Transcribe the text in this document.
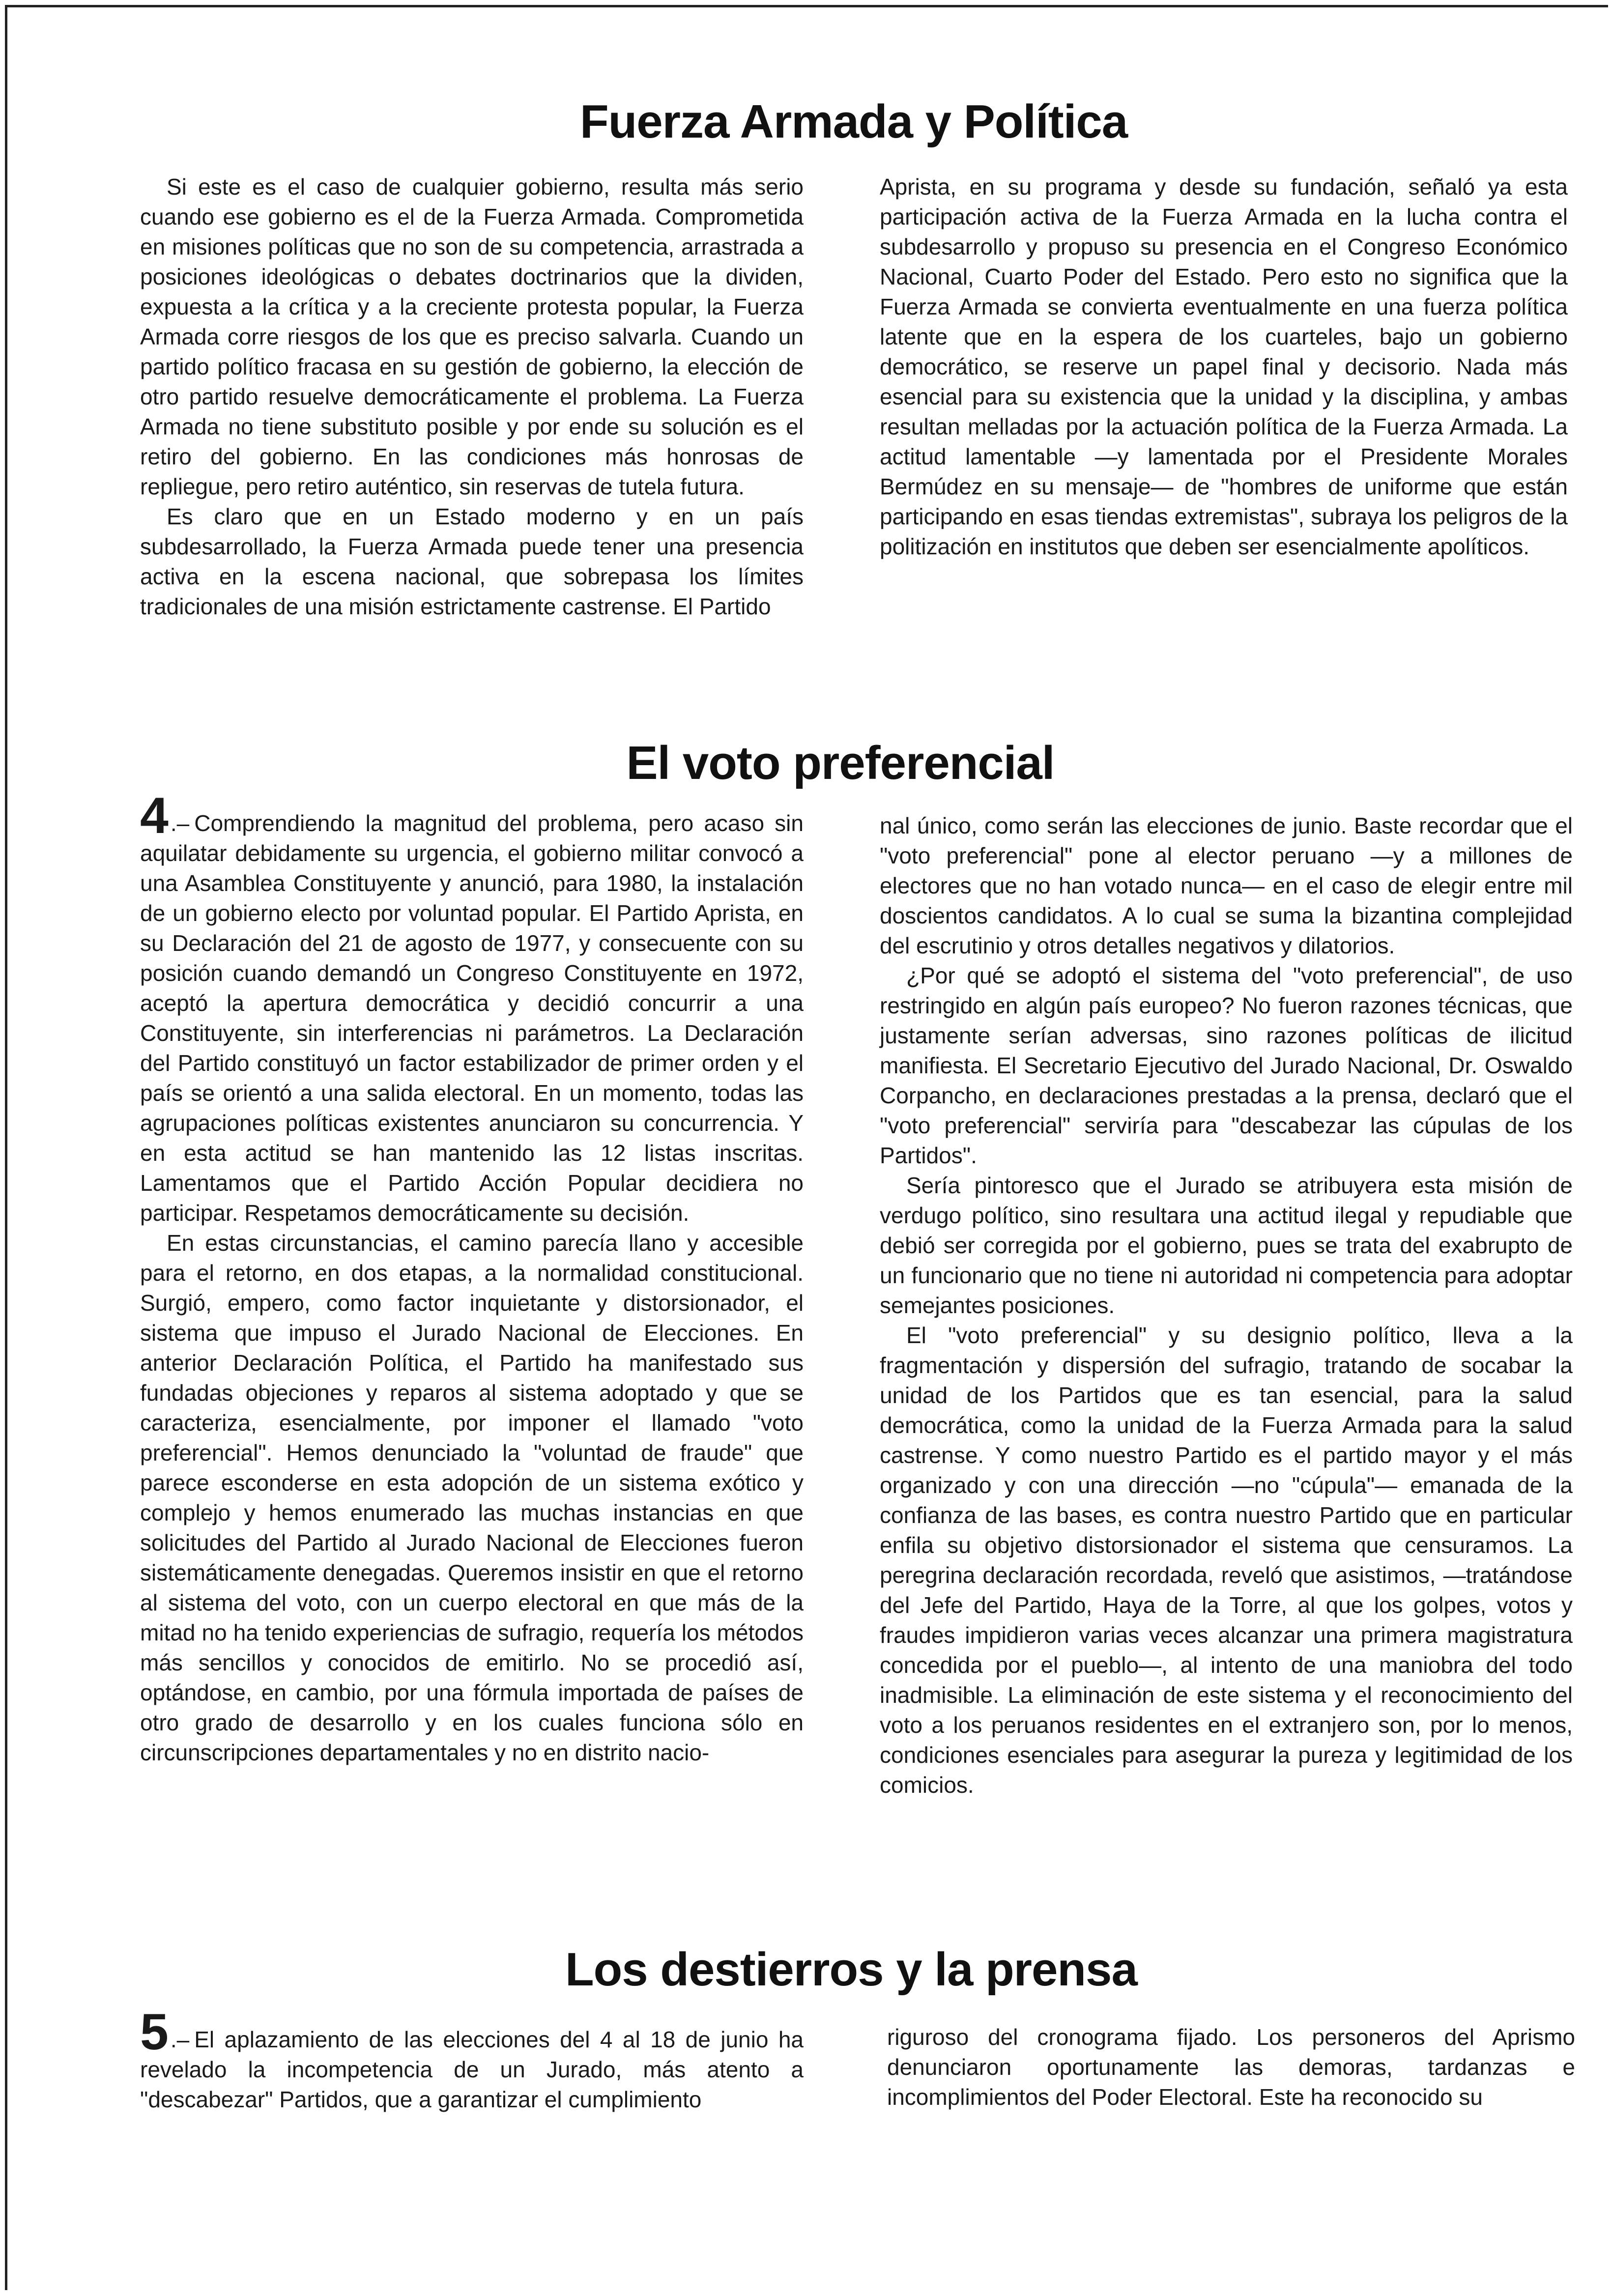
Fuerza Armada y Política

Si este es el caso de cualquier gobierno, resulta más serio cuando ese gobierno es el de la Fuerza Armada. Comprometida en misiones políticas que no son de su competencia, arrastrada a posiciones ideológicas o debates doctrinarios que la dividen, expuesta a la crítica y a la creciente protesta popular, la Fuerza Armada corre riesgos de los que es preciso salvarla. Cuando un partido político fracasa en su gestión de gobierno, la elección de otro partido resuelve democráticamente el problema. La Fuerza Armada no tiene substituto posible y por ende su solución es el retiro del gobierno. En las condiciones más honrosas de repliegue, pero retiro auténtico, sin reservas de tutela futura.

Es claro que en un Estado moderno y en un país subdesarrollado, la Fuerza Armada puede tener una presencia activa en la escena nacional, que sobrepasa los límites tradicionales de una misión estrictamente castrense. El Partido

Aprista, en su programa y desde su fundación, señaló ya esta participación activa de la Fuerza Armada en la lucha contra el subdesarrollo y propuso su presencia en el Congreso Económico Nacional, Cuarto Poder del Estado. Pero esto no significa que la Fuerza Armada se convierta eventualmente en una fuerza política latente que en la espera de los cuarteles, bajo un gobierno democrático, se reserve un papel final y decisorio. Nada más esencial para su existencia que la unidad y la disciplina, y ambas resultan melladas por la actuación política de la Fuerza Armada. La actitud lamentable —y lamentada por el Presidente Morales Bermúdez en su mensaje— de "hombres de uniforme que están participando en esas tiendas extremistas", subraya los peligros de la politización en institutos que deben ser esencialmente apolíticos.

El voto preferencial

4.– Comprendiendo la magnitud del problema, pero acaso sin aquilatar debidamente su urgencia, el gobierno militar convocó a una Asamblea Constituyente y anunció, para 1980, la instalación de un gobierno electo por voluntad popular. El Partido Aprista, en su Declaración del 21 de agosto de 1977, y consecuente con su posición cuando demandó un Congreso Constituyente en 1972, aceptó la apertura democrática y decidió concurrir a una Constituyente, sin interferencias ni parámetros. La Declaración del Partido constituyó un factor estabilizador de primer orden y el país se orientó a una salida electoral. En un momento, todas las agrupaciones políticas existentes anunciaron su concurrencia. Y en esta actitud se han mantenido las 12 listas inscritas. Lamentamos que el Partido Acción Popular decidiera no participar. Respetamos democráticamente su decisión.

En estas circunstancias, el camino parecía llano y accesible para el retorno, en dos etapas, a la normalidad constitucional. Surgió, empero, como factor inquietante y distorsionador, el sistema que impuso el Jurado Nacional de Elecciones. En anterior Declaración Política, el Partido ha manifestado sus fundadas objeciones y reparos al sistema adoptado y que se caracteriza, esencialmente, por imponer el llamado "voto preferencial". Hemos denunciado la "voluntad de fraude" que parece esconderse en esta adopción de un sistema exótico y complejo y hemos enumerado las muchas instancias en que solicitudes del Partido al Jurado Nacional de Elecciones fueron sistemáticamente denegadas. Queremos insistir en que el retorno al sistema del voto, con un cuerpo electoral en que más de la mitad no ha tenido experiencias de sufragio, requería los métodos más sencillos y conocidos de emitirlo. No se procedió así, optándose, en cambio, por una fórmula importada de países de otro grado de desarrollo y en los cuales funciona sólo en circunscripciones departamentales y no en distrito nacio-

nal único, como serán las elecciones de junio. Baste recordar que el "voto preferencial" pone al elector peruano —y a millones de electores que no han votado nunca— en el caso de elegir entre mil doscientos candidatos. A lo cual se suma la bizantina complejidad del escrutinio y otros detalles negativos y dilatorios.

¿Por qué se adoptó el sistema del "voto preferencial", de uso restringido en algún país europeo? No fueron razones técnicas, que justamente serían adversas, sino razones políticas de ilicitud manifiesta. El Secretario Ejecutivo del Jurado Nacional, Dr. Oswaldo Corpancho, en declaraciones prestadas a la prensa, declaró que el "voto preferencial" serviría para "descabezar las cúpulas de los Partidos".

Sería pintoresco que el Jurado se atribuyera esta misión de verdugo político, sino resultara una actitud ilegal y repudiable que debió ser corregida por el gobierno, pues se trata del exabrupto de un funcionario que no tiene ni autoridad ni competencia para adoptar semejantes posiciones.

El "voto preferencial" y su designio político, lleva a la fragmentación y dispersión del sufragio, tratando de socabar la unidad de los Partidos que es tan esencial, para la salud democrática, como la unidad de la Fuerza Armada para la salud castrense. Y como nuestro Partido es el partido mayor y el más organizado y con una dirección —no "cúpula"— emanada de la confianza de las bases, es contra nuestro Partido que en particular enfila su objetivo distorsionador el sistema que censuramos. La peregrina declaración recordada, reveló que asistimos, —tratándose del Jefe del Partido, Haya de la Torre, al que los golpes, votos y fraudes impidieron varias veces alcanzar una primera magistratura concedida por el pueblo—, al intento de una maniobra del todo inadmisible. La eliminación de este sistema y el reconocimiento del voto a los peruanos residentes en el extranjero son, por lo menos, condiciones esenciales para asegurar la pureza y legitimidad de los comicios.

Los destierros y la prensa

5.– El aplazamiento de las elecciones del 4 al 18 de junio ha revelado la incompetencia de un Jurado, más atento a "descabezar" Partidos, que a garantizar el cumplimiento

riguroso del cronograma fijado. Los personeros del Aprismo denunciaron oportunamente las demoras, tardanzas e incomplimientos del Poder Electoral. Este ha reconocido su
